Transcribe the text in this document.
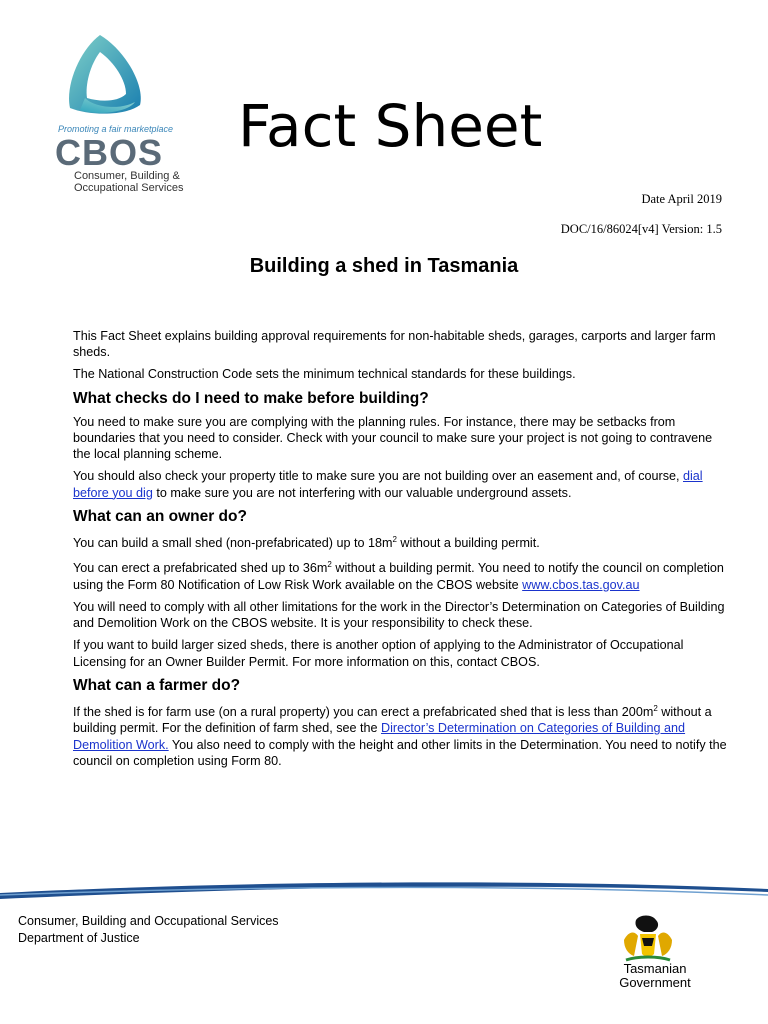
Promoting a fair marketplace
CBOS
Consumer, Building &
Occupational Services
Fact Sheet
Date April 2019
DOC/16/86024[v4] Version: 1.5
Building a shed in Tasmania

This Fact Sheet explains building approval requirements for non-habitable sheds, garages, carports and larger farm sheds.

The National Construction Code sets the minimum technical standards for these buildings.

What checks do I need to make before building?

You need to make sure you are complying with the planning rules. For instance, there may be setbacks from boundaries that you need to consider. Check with your council to make sure your project is not going to contravene the local planning scheme.

You should also check your property title to make sure you are not building over an easement and, of course, dial before you dig to make sure you are not interfering with our valuable underground assets.

What can an owner do?

You can build a small shed (non-prefabricated) up to $18m^2$ without a building permit.

You can erect a prefabricated shed up to $36m^2$ without a building permit. You need to notify the council on completion using the Form 80 Notification of Low Risk Work available on the CBOS website www.cbos.tas.gov.au

You will need to comply with all other limitations for the work in the Director’s Determination on Categories of Building and Demolition Work on the CBOS website. It is your responsibility to check these.

If you want to build larger sized sheds, there is another option of applying to the Administrator of Occupational Licensing for an Owner Builder Permit. For more information on this, contact CBOS.

What can a farmer do?

If the shed is for farm use (on a rural property) you can erect a prefabricated shed that is less than $200m^2$ without a building permit. For the definition of farm shed, see the Director’s Determination on Categories of Building and Demolition Work. You also need to comply with the height and other limits in the Determination. You need to notify the council on completion using Form 80.

Consumer, Building and Occupational Services
Department of Justice
Tasmanian
Government
